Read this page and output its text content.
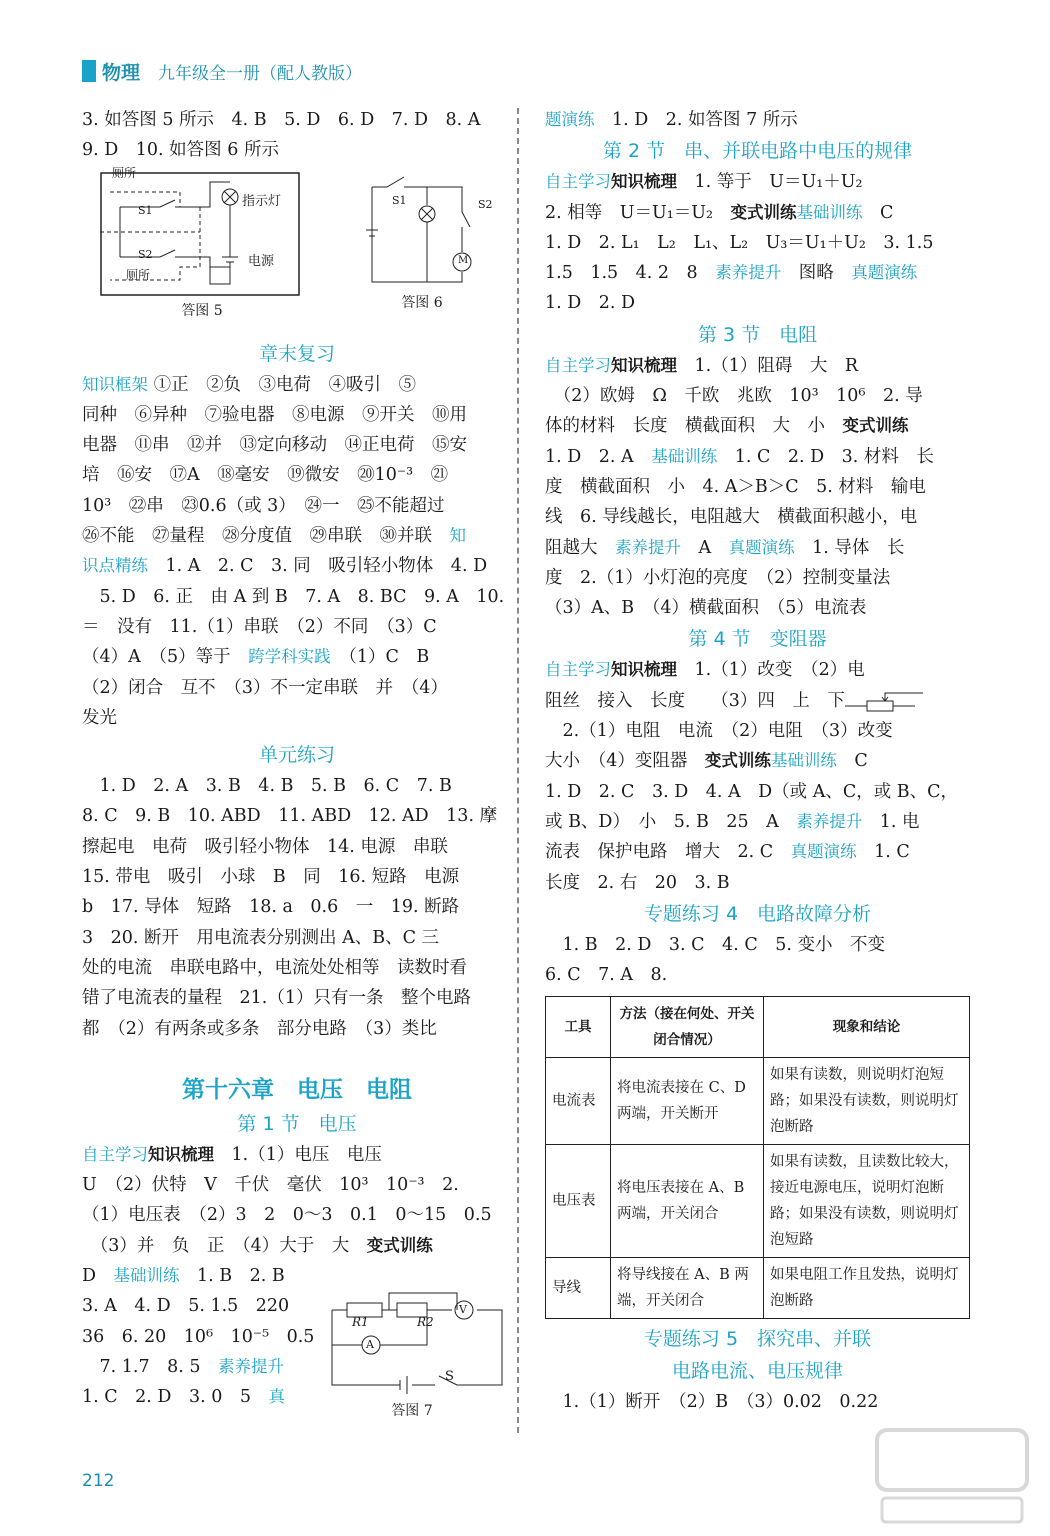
物理 九年级全一册（配人教版）
3. 如答图 5 所示　4. B　5. D　6. D　7. D　8. A
9. D　10. 如答图 6 所示
厕所
厕所
S1
S2
指示灯
电源
答图 5
S1	S2
M
答图 6
章末复习
知识框架 ①正　②负　③电荷　④吸引　⑤
同种　⑥异种　⑦验电器　⑧电源　⑨开关　⑩用
电器　⑪串　⑫并　⑬定向移动　⑭正电荷　⑮安
培　⑯安　⑰A　⑱毫安　⑲微安　⑳10⁻³　㉑
10³　㉒串　㉓0.6（或 3）　㉔一　㉕不能超过
㉖不能　㉗量程　㉘分度值　㉙串联　㉚并联　知
识点精练　1. A　2. C　3. 同　吸引轻小物体　4. D
　5. D　6. 正　由 A 到 B　7. A　8. BC　9. A　10.
＝　没有　11.（1）串联　（2）不同　（3）C
（4）A　（5）等于　跨学科实践　（1）C　B
（2）闭合　互不　（3）不一定串联　并　（4）
发光
单元练习
　1. D　2. A　3. B　4. B　5. B　6. C　7. B
8. C　9. B　10. ABD　11. ABD　12. AD　13. 摩
擦起电　电荷　吸引轻小物体　14. 电源　串联
15. 带电　吸引　小球　B　同　16. 短路　电源
b　17. 导体　短路　18. a　0.6　一　19. 断路
3　20. 断开　用电流表分别测出 A、B、C 三
处的电流　串联电路中，电流处处相等　读数时看
错了电流表的量程　21.（1）只有一条　整个电路
都　（2）有两条或多条　部分电路　（3）类比
第十六章　电压　电阻
第 1 节　电压
自主学习知识梳理　1.（1）电压　电压
U　（2）伏特　V　千伏　毫伏　10³　10⁻³　2.
（1）电压表　（2）3　2　0～3　0.1　0～15　0.5
　（3）并　负　正　（4）大于　大　变式训练
D　基础训练　1. B　2. B
3. A　4. D　5. 1.5　220
36　6. 20　10⁶　10⁻⁵　0.5
　7. 1.7　8. 5　素养提升
1. C　2. D　3. 0　5　真
R1	R2
A
V
S
答图 7
题演练　1. D　2. 如答图 7 所示
第 2 节　串、并联电路中电压的规律
自主学习知识梳理　1. 等于　U＝U₁＋U₂
2. 相等　U＝U₁＝U₂　变式训练基础训练　C　
1. D　2. L₁　L₂　L₁、L₂　U₃＝U₁＋U₂　3. 1.5
1.5　1.5　4. 2　8　素养提升　图略　真题演练
1. D　2. D
第 3 节　电阻
自主学习知识梳理　1.（1）阻碍　大　R
　（2）欧姆　Ω　千欧　兆欧　10³　10⁶　2. 导
体的材料　长度　横截面积　大　小　变式训练
1. D　2. A　基础训练　1. C　2. D　3. 材料　长
度　横截面积　小　4. A＞B＞C　5. 材料　输电
线　6. 导线越长，电阻越大　横截面积越小，电
阻越大　素养提升　A　真题演练　1. 导体　长
度　2.（1）小灯泡的亮度　（2）控制变量法
（3）A、B　（4）横截面积　（5）电流表
第 4 节　变阻器
自主学习知识梳理　1.（1）改变　（2）电
阻丝　接入　长度　　（3）四　上　下
　2.（1）电阻　电流　（2）电阻　（3）改变
大小　（4）变阻器　变式训练基础训练　C　
1. D　2. C　3. D　4. A　D（或 A、C，或 B、C，
或 B、D）　小　5. B　25　A　素养提升　1. 电
流表　保护电路　增大　2. C　真题演练　1. C
长度　2. 右　20　3. B
专题练习 4　电路故障分析
　1. B　2. D　3. C　4. C　5. 变小　不变
6. C　7. A　8.
工具	方法（接在何处、开关闭合情况）	现象和结论
电流表	将电流表接在 C、D 两端，开关断开	如果有读数，则说明灯泡短路；如果没有读数，则说明灯泡断路
电压表	将电压表接在 A、B 两端，开关闭合	如果有读数，且读数比较大，接近电源电压，说明灯泡断路；如果没有读数，则说明灯泡短路
导线	将导线接在 A、B 两端，开关闭合	如果电阻工作且发热，说明灯泡断路
专题练习 5　探究串、并联
电路电流、电压规律
　1.（1）断开　（2）B　（3）0.02　0.22
212
